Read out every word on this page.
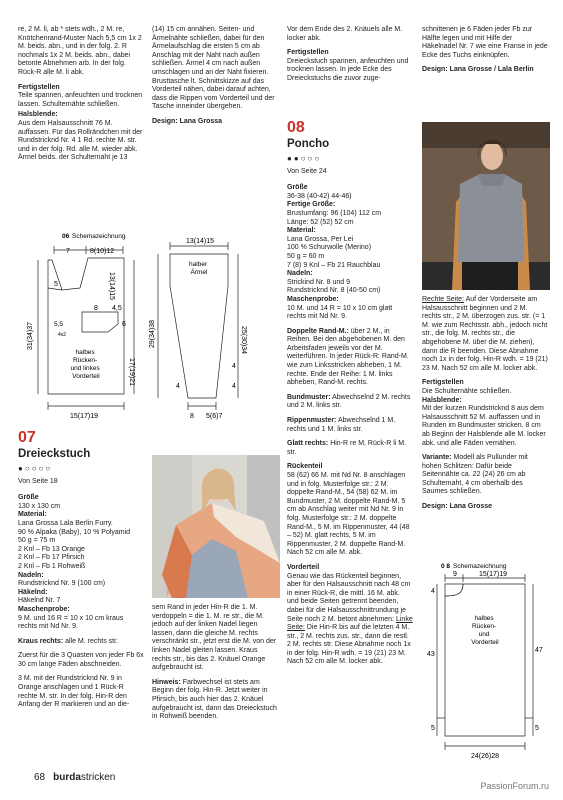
re, 2 M. li, ab * stets wdh., 2 M. re, Knötchenrand-Muster Nach 5,5 cm 1x 2 M. beids. abn., und in der folg. 2. R nochmals 1x 2 M. beids. abn., dabei betonte Abnehmen arb. In der folg. Rück-R alle M. li abk.

Fertigstellen

Teile spannen, anfeuchten und trocknen lassen. Schulternähte schließen.

Halsblende:

Aus dem Halsausschnitt 76 M. auffassen. Für das Rollrändchen mit der Rundstricknd Nr. 4 1 Rd. rechte M. str. und in der folg. Rd. alle M. wieder abk. Ärmel beids. der Schulternaht je 13

06 Schemazeichnung
7	8(10)12
5
31(34)37	5,5
4x2
8 4,5
6
13(14)15
17(19)21
halbes Rücken- und linkes Vorderteil
15(17)19
13(14)15
halber Ärmel
29(34)38	25(30)34
4
4
4
8 5(6)7
07
Dreieckstuch
●○○○○
Von Seite 18
Größe
130 x 130 cm
Material:
Lana Grossa Lala Berlin Furry.
90 % Alpaka (Baby), 10 % Polyamid
50 g = 75 m
2 Knl – Fb 13 Orange
2 Knl – Fb 17 Pfirsich
2 Knl – Fb 1 Rohweiß
Nadeln:
Rundstricknd Nr. 9 (100 cm)
Häkelnd:
Häkelnd Nr. 7
Maschenprobe:

9 M. und 16 R = 10 x 10 cm kraus rechts mit Nd Nr. 9.

Kraus rechts: alle M. rechts str.

Zuerst für die 3 Quasten von jeder Fb 6x 30 cm lange Fäden abschneiden.

3 M. mit der Rundstricknd Nr. 9 in Orange anschlagen und 1 Rück-R rechte M. str. In der folg. Hin-R den Anfang der R markieren und an die-

(14) 15 cm annähen. Seiten- und Ärmelnähte schließen, dabei für den Ärmelaufschlag die ersten 5 cm ab Anschlag mit der Naht nach außen schließen. Ärmel 4 cm nach außen umschlagen und an der Naht fixieren. Brusttasche lt. Schnittskizze auf das Vorderteil nähen, dabei darauf achten, dass die Rippen vom Vorderteil und der Tasche inneinder übergehen.

Design: Lana Grossa

sem Rand in jeder Hin-R die 1. M. verdoppeln = die 1. M. re str., die M. jedoch auf der linken Nadel liegen lassen, dann die gleiche M. rechts verschränkt str., jetzt erst die M. von der linken Nadel gleiten lassen. Kraus rechts str., bis das 2. Knäuel Orange aufgebraucht ist.

Hinweis: Farbwechsel ist stets am Beginn der folg. Hin-R. Jetzt weiter in Pfirsich, bis auch hier das 2. Knäuel aufgebraucht ist, dann das Dreieckstuch in Rohweiß beenden.

Vor dem Ende des 2. Knäuels alle M. locker abk.

Fertigstellen

Dreieckstuch spannen, anfeuchten und trocknen lassen. In jede Ecke des Dreieckstuchs die zuvor zuge-

08
Poncho
●●○○○
Von Seite 24
Größe
36-38 (40-42) 44-46)
Fertige Größe:
Brustumfang: 96 (104) 112 cm
Länge: 52 (52) 52 cm
Material:
Lana Grossa, Per Lei
100 % Schurwolle (Merino)
50 g = 60 m
7 (8) 9 Knl – Fb 21 Rauchblau
Nadeln:
Strickind Nr. 8 und 9
Rundstricknd Nr. 8 (40-50 cm)
Maschenprobe:

10 M. und 14 R = 10 x 10 cm glatt rechts mit Nd Nr. 9.

Doppelte Rand-M.: über 2 M., in Reihen. Bei den abgehobenen M. den Arbeitsfaden jeweils vor der M. weiterführen. In jeder Rück-R: Rand-M. wie zum Linksstricken abheben, 1 M. rechte. Ende der Reihe: 1 M. links abheben, Rand-M. rechts.

Bundmuster: Abwechselnd 2 M. rechts und 2 M. links str.

Rippenmuster: Abwechselnd 1 M. rechts und 1 M. links str.

Glatt rechts: Hin-R re M, Rück-R li M. str.

Rückenteil

58 (62) 66 M. mit Nd Nr. 8 anschlagen und in folg. Musterfolge str.: 2 M. doppelte Rand-M., 54 (58) 62 M. im Bundmuster, 2 M. doppelte Rand-M. 5 cm ab Anschlag weiter mit Nd Nr. 9 in folg. Musterfolge str.: 2 M. doppelte Rand-M., 5 M. im Rippenmuster, 44 (48 – 52) M. glatt rechts, 5 M. im Rippenmuster, 2 M. doppelte Rand-M. Nach 52 cm alle M. abk.

Vorderteil

Genau wie das Rückenteil beginnen, aber für den Halsausschnitt nach 48 cm in einer Rück-R, die mittl. 16 M. abk. und beide Seiten getrennt beenden, dabei für die Halsausschnittrundung je Seite noch 2 M. betont abnehmen: Linke Seite: Die Hin-R bis auf die letzten 4 M. str., 2 M. rechts zus. str., dann die restl. 2 M. rechts str. Diese Abnahme noch 1x in der folg. Hin-R wdh. = 19 (21) 23 M. Nach 52 cm alle M. locker abk.

schnittenen je 6 Fäden jeder Fb zur Hälfte legen und mit Hilfe der Häkelnadel Nr. 7 wie eine Franse in jede Ecke des Tuchs einknüpfen.

Design: Lana Grosse / Lala Berlin

Rechte Seite: Auf der Vorderseite am Halsausschnitt beginnen und 2 M. rechts str., 2 M. überzogen zus. str. (= 1 M. wie zum Rechtsstr. abh., jedoch nicht str., die folg. M. rechts str., die abgehobene M. über die M. ziehen), dann die R beenden. Diese Abnahme noch 1x in der folg. Hin-R wdh. = 19 (21) 23 M. Nach 52 cm alle M. locker abk.

Fertigstellen
Die Schulternähte schließen.
Halsblende:

Mit der kurzen Rundstricknd 8 aus dem Halsausschnitt 52 M. auffassen und in Runden im Bundmuster stricken. 8 cm ab Beginn der Halsblende alle M. locker abk. und alle Fäden vernähen.

Variante: Modell als Pullunder mit hohen Schlitzen: Dafür beide Seitennähte ca. 22 (24) 26 cm ab Schulternaht, 4 cm oberhalb des Saumes schließen.

Design: Lana Grosse

0 8 Schemazeichnung
9	15(17)19
4
43
5
47
5
halbes Rücken- und Vorderteil
24(26)28
68 burdastricken
PassionForum.ru
